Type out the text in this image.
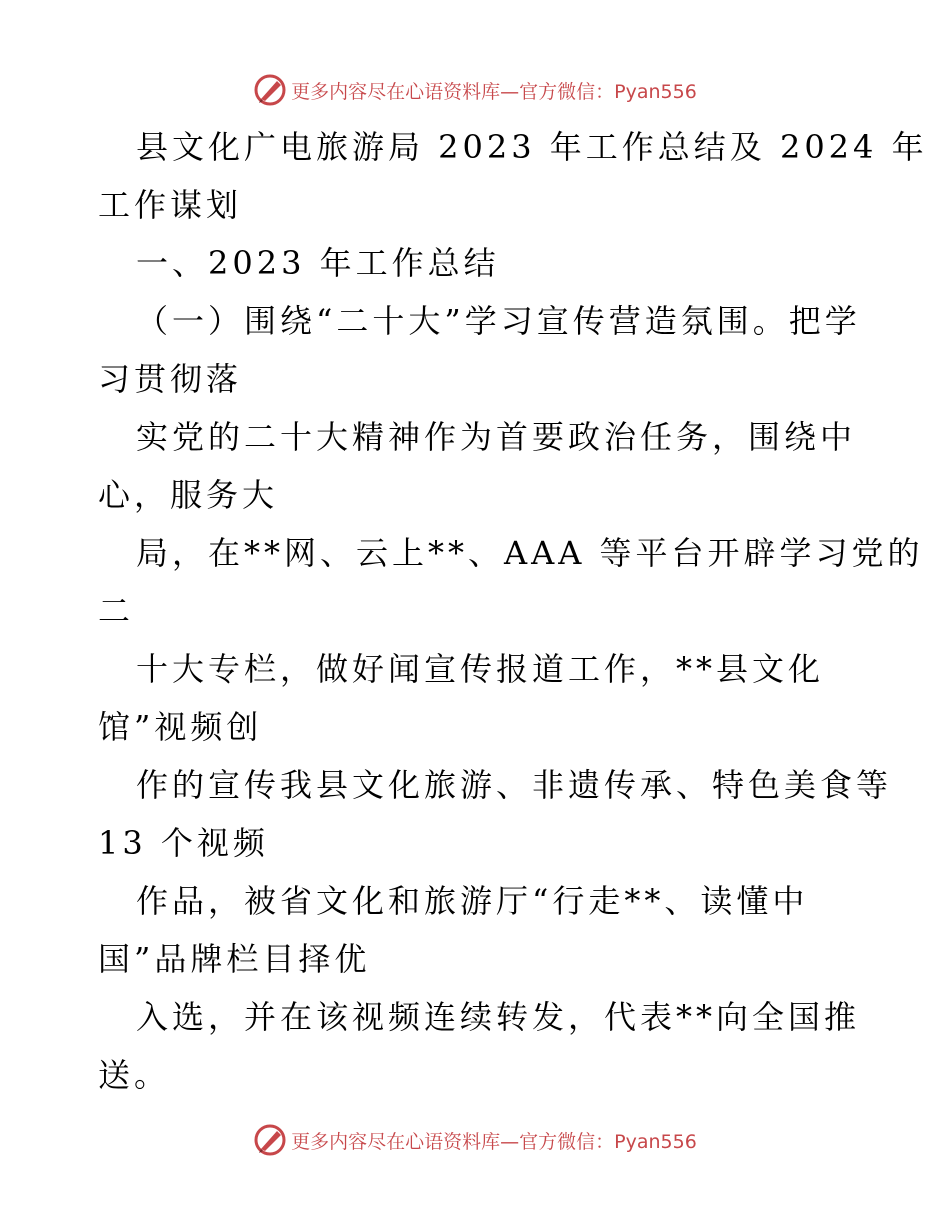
更多内容尽在心语资料库—官方微信：Pyan556
县文化广电旅游局 2023 年工作总结及 2024 年
工作谋划
一、2023 年工作总结
（一）围绕“二十大”学习宣传营造氛围。把学
习贯彻落
实党的二十大精神作为首要政治任务，围绕中
心，服务大
局，在**网、云上**、AAA 等平台开辟学习党的
二
十大专栏，做好闻宣传报道工作，**县文化
馆”视频创
作的宣传我县文化旅游、非遗传承、特色美食等
13 个视频
作品，被省文化和旅游厅“行走**、读懂中
国”品牌栏目择优
入选，并在该视频连续转发，代表**向全国推
送。
更多内容尽在心语资料库—官方微信：Pyan556
